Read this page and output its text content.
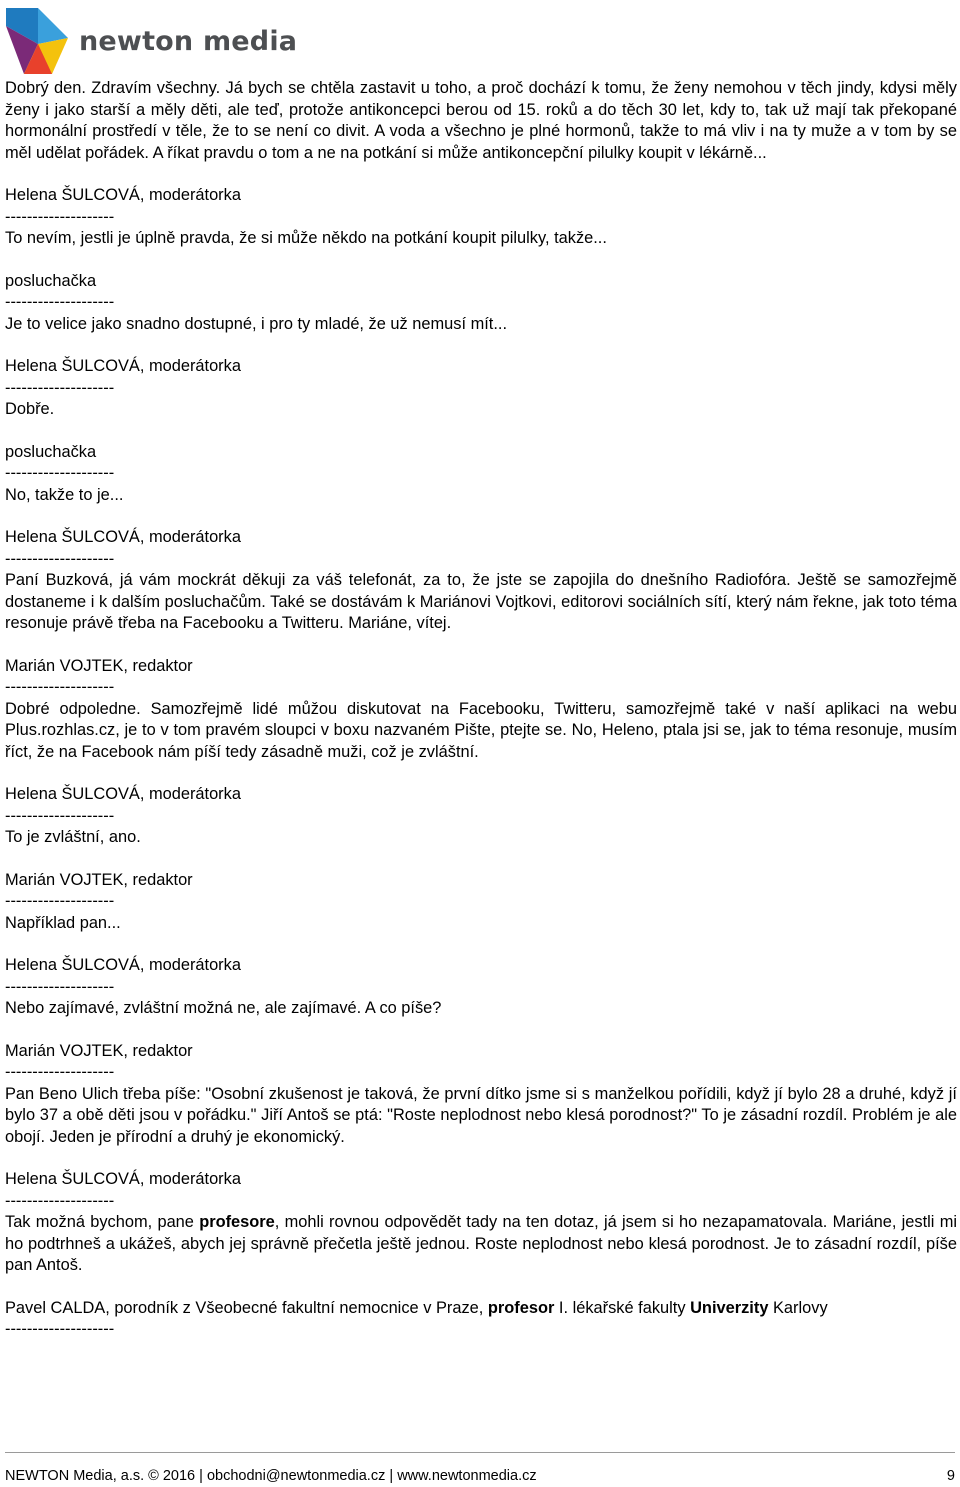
newton media

Dobrý den. Zdravím všechny. Já bych se chtěla zastavit u toho, a proč dochází k tomu, že ženy nemohou v těch jindy, kdysi měly ženy i jako starší a měly děti, ale teď, protože antikoncepci berou od 15. roků a do těch 30 let, kdy to, tak už mají tak překopané hormonální prostředí v těle, že to se není co divit. A voda a všechno je plné hormonů, takže to má vliv i na ty muže a v tom by se měl udělat pořádek. A říkat pravdu o tom a ne na potkání si může antikoncepční pilulky koupit v lékárně...

Helena ŠULCOVÁ, moderátorka

--------------------

To nevím, jestli je úplně pravda, že si může někdo na potkání koupit pilulky, takže...

posluchačka

--------------------

Je to velice jako snadno dostupné, i pro ty mladé, že už nemusí mít...

Helena ŠULCOVÁ, moderátorka

--------------------

Dobře.

posluchačka

--------------------

No, takže to je...

Helena ŠULCOVÁ, moderátorka

--------------------

Paní Buzková, já vám mockrát děkuji za váš telefonát, za to, že jste se zapojila do dnešního Radiofóra. Ještě se samozřejmě dostaneme i k dalším posluchačům. Také se dostávám k Mariánovi Vojtkovi, editorovi sociálních sítí, který nám řekne, jak toto téma resonuje právě třeba na Facebooku a Twitteru. Mariáne, vítej.

Marián VOJTEK, redaktor

--------------------

Dobré odpoledne. Samozřejmě lidé můžou diskutovat na Facebooku, Twitteru, samozřejmě také v naší aplikaci na webu Plus.rozhlas.cz, je to v tom pravém sloupci v boxu nazvaném Pište, ptejte se. No, Heleno, ptala jsi se, jak to téma resonuje, musím říct, že na Facebook nám píší tedy zásadně muži, což je zvláštní.

Helena ŠULCOVÁ, moderátorka

--------------------

To je zvláštní, ano.

Marián VOJTEK, redaktor

--------------------

Například pan...

Helena ŠULCOVÁ, moderátorka

--------------------

Nebo zajímavé, zvláštní možná ne, ale zajímavé. A co píše?

Marián VOJTEK, redaktor

--------------------

Pan Beno Ulich třeba píše: "Osobní zkušenost je taková, že první dítko jsme si s manželkou pořídili, když jí bylo 28 a druhé, když jí bylo 37 a obě děti jsou v pořádku." Jiří Antoš se ptá: "Roste neplodnost nebo klesá porodnost?" To je zásadní rozdíl. Problém je ale obojí. Jeden je přírodní a druhý je ekonomický.

Helena ŠULCOVÁ, moderátorka

--------------------

Tak možná bychom, pane profesore, mohli rovnou odpovědět tady na ten dotaz, já jsem si ho nezapamatovala. Mariáne, jestli mi ho podtrhneš a ukážeš, abych jej správně přečetla ještě jednou. Roste neplodnost nebo klesá porodnost. Je to zásadní rozdíl, píše pan Antoš.

Pavel CALDA, porodník z Všeobecné fakultní nemocnice v Praze, profesor I. lékařské fakulty Univerzity Karlovy

--------------------

NEWTON Media, a.s. © 2016 | obchodni@newtonmedia.cz | www.newtonmedia.cz	9
